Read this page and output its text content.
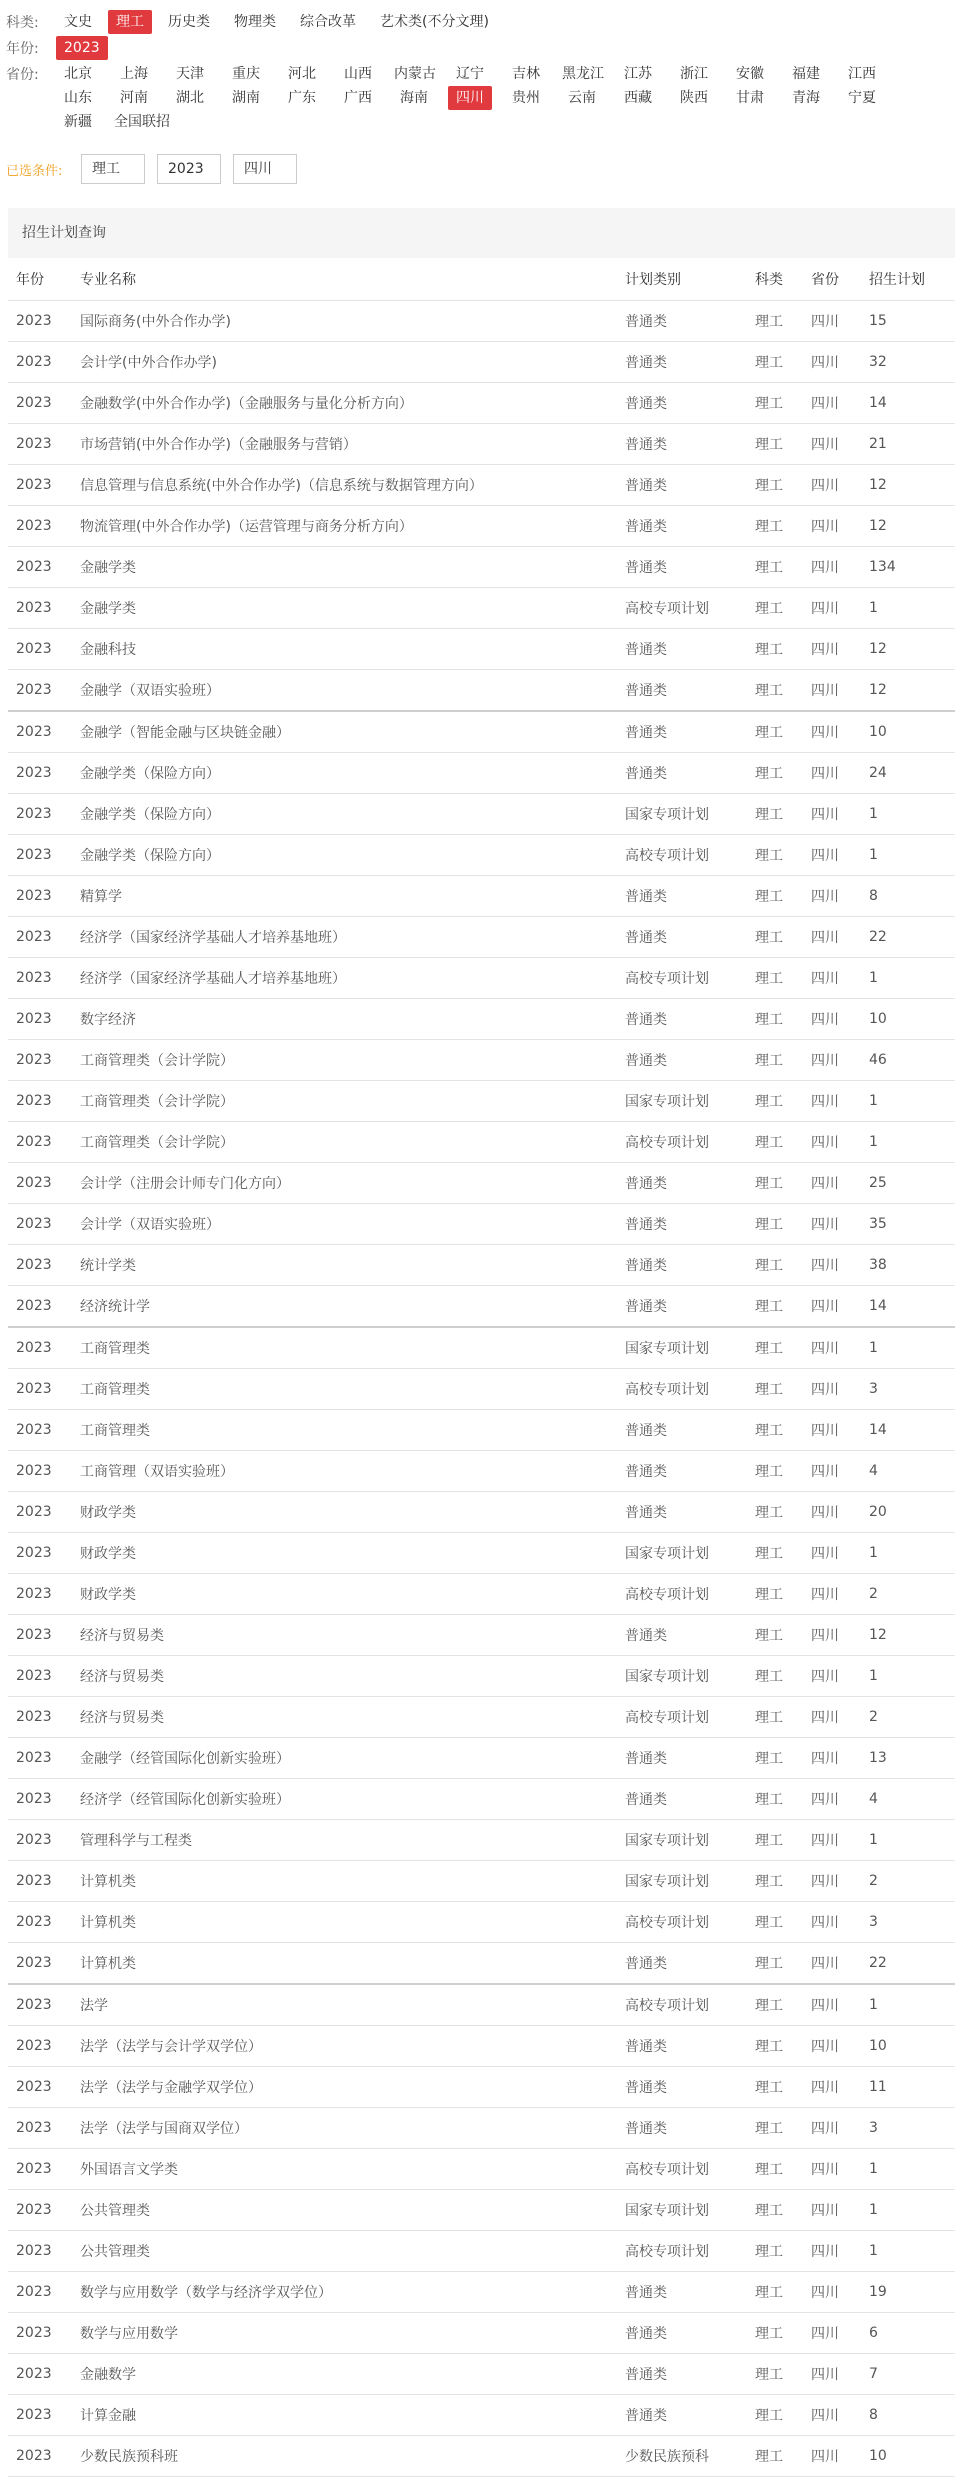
科类:	文史	理工	历史类	物理类	综合改革	艺术类(不分文理)
年份:	2023
省份:	北京	上海	天津	重庆	河北	山西	内蒙古	辽宁	吉林	黑龙江	江苏	浙江	安徽	福建	江西
山东	河南	湖北	湖南	广东	广西	海南	四川	贵州	云南	西藏	陕西	甘肃	青海	宁夏
新疆	全国联招
已选条件:	理工	2023	四川
招生计划查询
年份	专业名称	计划类别	科类	省份	招生计划
2023	国际商务(中外合作办学)	普通类	理工	四川	15
2023	会计学(中外合作办学)	普通类	理工	四川	32
2023	金融数学(中外合作办学)（金融服务与量化分析方向）	普通类	理工	四川	14
2023	市场营销(中外合作办学)（金融服务与营销）	普通类	理工	四川	21
2023	信息管理与信息系统(中外合作办学)（信息系统与数据管理方向）	普通类	理工	四川	12
2023	物流管理(中外合作办学)（运营管理与商务分析方向）	普通类	理工	四川	12
2023	金融学类	普通类	理工	四川	134
2023	金融学类	高校专项计划	理工	四川	1
2023	金融科技	普通类	理工	四川	12
2023	金融学（双语实验班）	普通类	理工	四川	12
2023	金融学（智能金融与区块链金融）	普通类	理工	四川	10
2023	金融学类（保险方向）	普通类	理工	四川	24
2023	金融学类（保险方向）	国家专项计划	理工	四川	1
2023	金融学类（保险方向）	高校专项计划	理工	四川	1
2023	精算学	普通类	理工	四川	8
2023	经济学（国家经济学基础人才培养基地班）	普通类	理工	四川	22
2023	经济学（国家经济学基础人才培养基地班）	高校专项计划	理工	四川	1
2023	数字经济	普通类	理工	四川	10
2023	工商管理类（会计学院）	普通类	理工	四川	46
2023	工商管理类（会计学院）	国家专项计划	理工	四川	1
2023	工商管理类（会计学院）	高校专项计划	理工	四川	1
2023	会计学（注册会计师专门化方向）	普通类	理工	四川	25
2023	会计学（双语实验班）	普通类	理工	四川	35
2023	统计学类	普通类	理工	四川	38
2023	经济统计学	普通类	理工	四川	14
2023	工商管理类	国家专项计划	理工	四川	1
2023	工商管理类	高校专项计划	理工	四川	3
2023	工商管理类	普通类	理工	四川	14
2023	工商管理（双语实验班）	普通类	理工	四川	4
2023	财政学类	普通类	理工	四川	20
2023	财政学类	国家专项计划	理工	四川	1
2023	财政学类	高校专项计划	理工	四川	2
2023	经济与贸易类	普通类	理工	四川	12
2023	经济与贸易类	国家专项计划	理工	四川	1
2023	经济与贸易类	高校专项计划	理工	四川	2
2023	金融学（经管国际化创新实验班）	普通类	理工	四川	13
2023	经济学（经管国际化创新实验班）	普通类	理工	四川	4
2023	管理科学与工程类	国家专项计划	理工	四川	1
2023	计算机类	国家专项计划	理工	四川	2
2023	计算机类	高校专项计划	理工	四川	3
2023	计算机类	普通类	理工	四川	22
2023	法学	高校专项计划	理工	四川	1
2023	法学（法学与会计学双学位）	普通类	理工	四川	10
2023	法学（法学与金融学双学位）	普通类	理工	四川	11
2023	法学（法学与国商双学位）	普通类	理工	四川	3
2023	外国语言文学类	高校专项计划	理工	四川	1
2023	公共管理类	国家专项计划	理工	四川	1
2023	公共管理类	高校专项计划	理工	四川	1
2023	数学与应用数学（数学与经济学双学位）	普通类	理工	四川	19
2023	数学与应用数学	普通类	理工	四川	6
2023	金融数学	普通类	理工	四川	7
2023	计算金融	普通类	理工	四川	8
2023	少数民族预科班	少数民族预科	理工	四川	10
